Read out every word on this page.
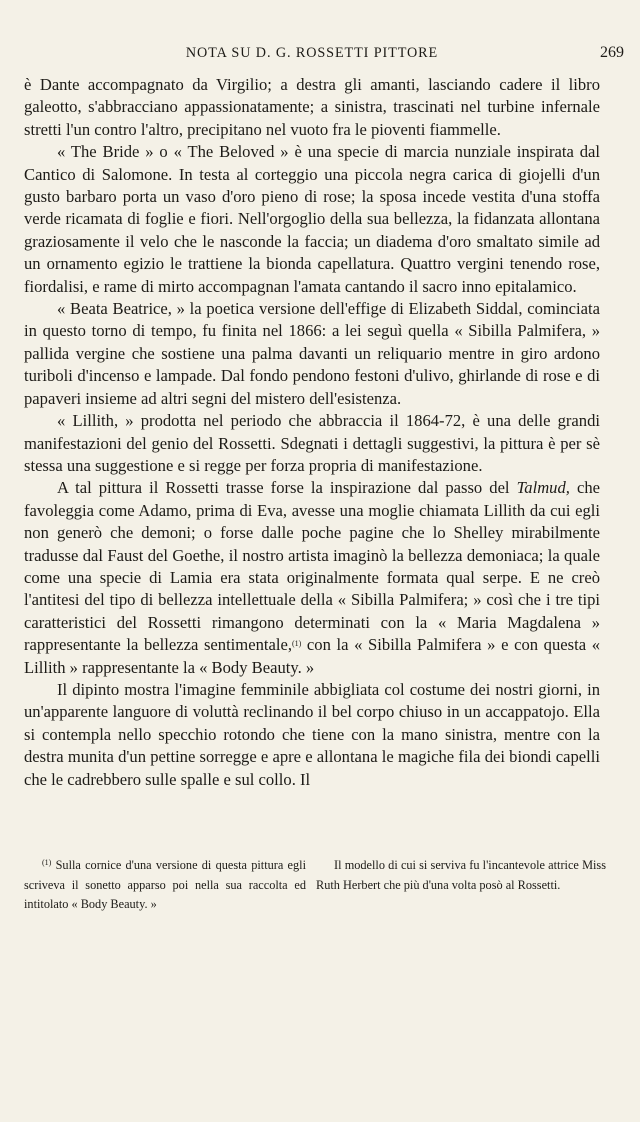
NOTA SU D. G. ROSSETTI PITTORE	269

è Dante accompagnato da Virgilio; a destra gli amanti, lasciando cadere il libro galeotto, s'abbracciano appassionatamente; a sinistra, trascinati nel turbine infernale stretti l'un contro l'altro, precipitano nel vuoto fra le pioventi fiammelle.

« The Bride » o « The Beloved » è una specie di marcia nunziale inspirata dal Cantico di Salomone. In testa al corteggio una piccola negra carica di giojelli d'un gusto barbaro porta un vaso d'oro pieno di rose; la sposa incede vestita d'una stoffa verde ricamata di foglie e fiori. Nell'orgoglio della sua bellezza, la fidanzata allontana graziosamente il velo che le nasconde la faccia; un diadema d'oro smaltato simile ad un ornamento egizio le trattiene la bionda capellatura. Quattro vergini tenendo rose, fiordalisi, e rame di mirto accompagnan l'amata cantando il sacro inno epitalamico.

« Beata Beatrice, » la poetica versione dell'effige di Elizabeth Siddal, cominciata in questo torno di tempo, fu finita nel 1866: a lei seguì quella « Sibilla Palmifera, » pallida vergine che sostiene una palma davanti un reliquario mentre in giro ardono turiboli d'incenso e lampade. Dal fondo pendono festoni d'ulivo, ghirlande di rose e di papaveri insieme ad altri segni del mistero dell'esistenza.

« Lillith, » prodotta nel periodo che abbraccia il 1864-72, è una delle grandi manifestazioni del genio del Rossetti. Sdegnati i dettagli suggestivi, la pittura è per sè stessa una suggestione e si regge per forza propria di manifestazione.

A tal pittura il Rossetti trasse forse la inspirazione dal passo del Talmud, che favoleggia come Adamo, prima di Eva, avesse una moglie chiamata Lillith da cui egli non generò che demoni; o forse dalle poche pagine che lo Shelley mirabilmente tradusse dal Faust del Goethe, il nostro artista imaginò la bellezza demoniaca; la quale come una specie di Lamia era stata originalmente formata qual serpe. E ne creò l'antitesi del tipo di bellezza intellettuale della « Sibilla Palmifera; » così che i tre tipi caratteristici del Rossetti rimangono determinati con la « Maria Magdalena » rappresentante la bellezza sentimentale,$^{(1)}$ con la « Sibilla Palmifera » e con questa « Lillith » rappresentante la « Body Beauty. »

Il dipinto mostra l'imagine femminile abbigliata col costume dei nostri giorni, in un'apparente languore di voluttà reclinando il bel corpo chiuso in un accappatojo. Ella si contempla nello specchio rotondo che tiene con la mano sinistra, mentre con la destra munita d'un pettine sorregge e apre e allontana le magiche fila dei biondi capelli che le cadrebbero sulle spalle e sul collo. Il

$^{(1)}$ Sulla cornice d'una versione di questa pittura egli scriveva il sonetto apparso poi nella sua raccolta ed intitolato « Body Beauty. »
Il modello di cui si serviva fu l'incantevole attrice Miss Ruth Herbert che più d'una volta posò al Rossetti.
